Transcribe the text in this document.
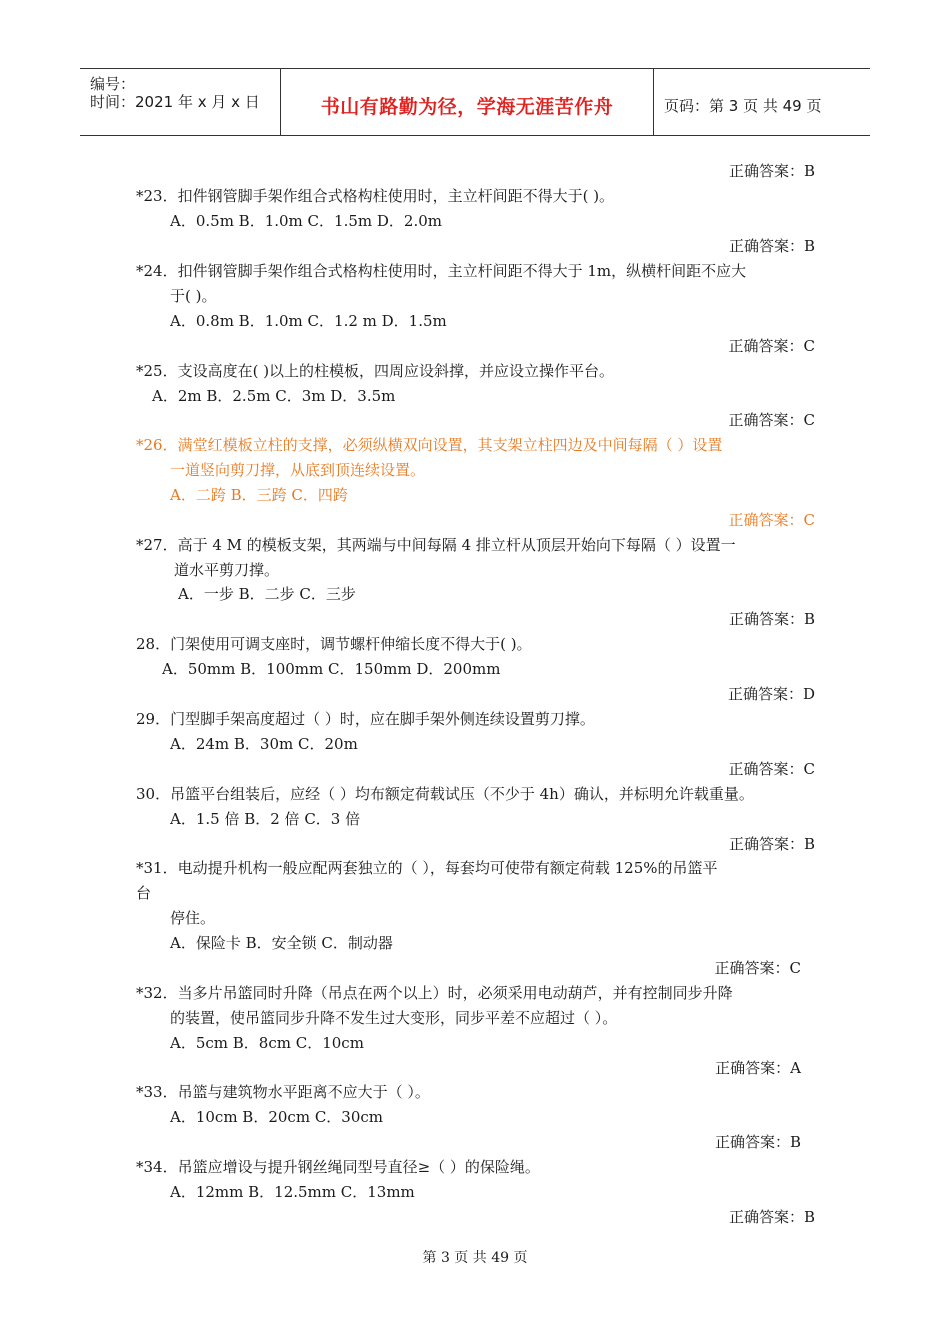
编号：
时间：2021 年 x 月 x 日	书山有路勤为径，学海无涯苦作舟	页码：第 3 页 共 49 页
正确答案：B
*23．扣件钢管脚手架作组合式格构柱使用时，主立杆间距不得大于( )。
A．0.5m B．1.0m C．1.5m D．2.0m
正确答案：B
*24．扣件钢管脚手架作组合式格构柱使用时，主立杆间距不得大于 1m，纵横杆间距不应大
于( )。
A．0.8m B．1.0m C．1.2 m D．1.5m
正确答案：C
*25．支设高度在( )以上的柱模板，四周应设斜撑，并应设立操作平台。
A．2m B．2.5m C．3m D．3.5m
正确答案：C
*26．满堂红模板立柱的支撑，必须纵横双向设置，其支架立柱四边及中间每隔（ ）设置
一道竖向剪刀撑，从底到顶连续设置。
A．二跨 B．三跨 C．四跨
正确答案：C
*27．高于 4 M 的模板支架，其两端与中间每隔 4 排立杆从顶层开始向下每隔（ ）设置一
道水平剪刀撑。
A．一步 B．二步 C．三步
正确答案：B
28．门架使用可调支座时，调节螺杆伸缩长度不得大于( )。
A．50mm B．100mm C．150mm D．200mm
正确答案：D
29．门型脚手架高度超过（ ）时，应在脚手架外侧连续设置剪刀撑。
A．24m B．30m C．20m
正确答案：C
30．吊篮平台组装后，应经（ ）均布额定荷载试压（不少于 4h）确认，并标明允许载重量。
A．1.5 倍 B．2 倍 C．3 倍
正确答案：B
*31．电动提升机构一般应配两套独立的（ ），每套均可使带有额定荷载 125%的吊篮平
台
停住。
A．保险卡 B．安全锁 C．制动器
正确答案：C
*32．当多片吊篮同时升降（吊点在两个以上）时，必须采用电动葫芦，并有控制同步升降
的装置，使吊篮同步升降不发生过大变形，同步平差不应超过（ ）。
A．5cm B．8cm C．10cm
正确答案：A
*33．吊篮与建筑物水平距离不应大于（ ）。
A．10cm B．20cm C．30cm
正确答案：B
*34．吊篮应增设与提升钢丝绳同型号直径≥（ ）的保险绳。
A．12mm B．12.5mm C．13mm
正确答案：B
第 3 页 共 49 页
